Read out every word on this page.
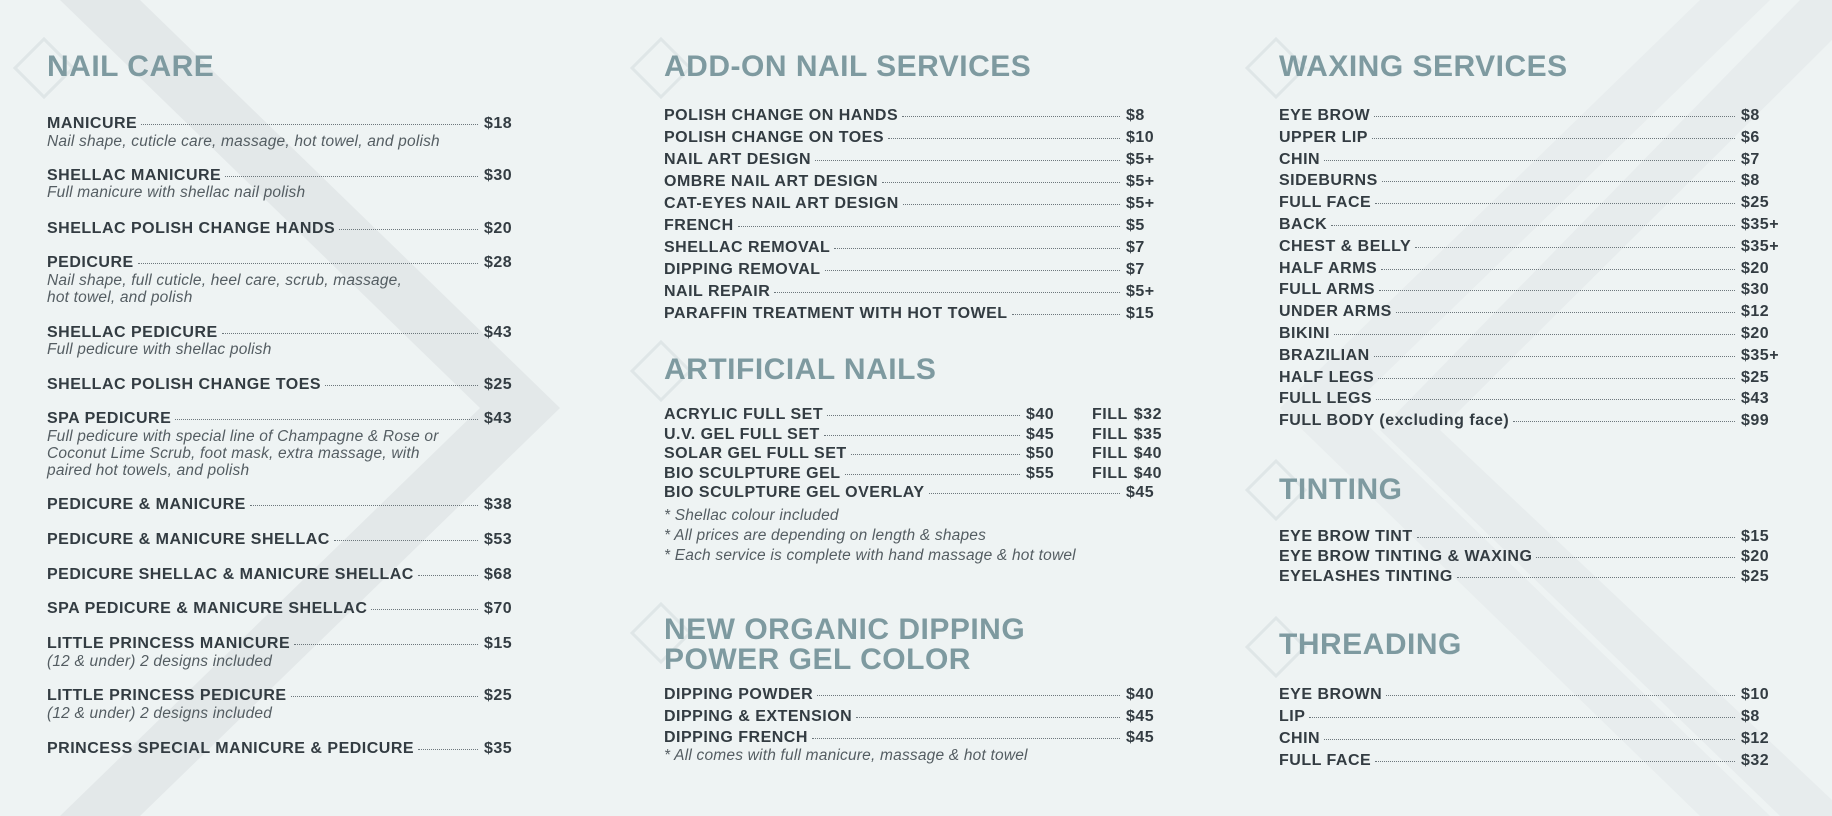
NAIL CARE
MANICURE	$18
Nail shape, cuticle care, massage, hot towel, and polish
SHELLAC MANICURE	$30
Full manicure with shellac nail polish
SHELLAC POLISH CHANGE HANDS	$20
PEDICURE	$28
Nail shape, full cuticle, heel care, scrub, massage,
hot towel, and polish
SHELLAC PEDICURE	$43
Full pedicure with shellac polish
SHELLAC POLISH CHANGE TOES	$25
SPA PEDICURE	$43
Full pedicure with special line of Champagne & Rose or
Coconut Lime Scrub, foot mask, extra massage, with
paired hot towels, and polish
PEDICURE & MANICURE	$38
PEDICURE & MANICURE SHELLAC	$53
PEDICURE SHELLAC & MANICURE SHELLAC	$68
SPA PEDICURE & MANICURE SHELLAC	$70
LITTLE PRINCESS MANICURE	$15
(12 & under) 2 designs included
LITTLE PRINCESS PEDICURE	$25
(12 & under) 2 designs included
PRINCESS SPECIAL MANICURE & PEDICURE	$35
ADD-ON NAIL SERVICES
POLISH CHANGE ON HANDS	$8
POLISH CHANGE ON TOES	$10
NAIL ART DESIGN	$5+
OMBRE NAIL ART DESIGN	$5+
CAT-EYES NAIL ART DESIGN	$5+
FRENCH	$5
SHELLAC REMOVAL	$7
DIPPING REMOVAL	$7
NAIL REPAIR	$5+
PARAFFIN TREATMENT WITH HOT TOWEL	$15
ARTIFICIAL NAILS
ACRYLIC FULL SET	$40	FILL $32
U.V. GEL FULL SET	$45	FILL $35
SOLAR GEL FULL SET	$50	FILL $40
BIO SCULPTURE GEL	$55	FILL $40
BIO SCULPTURE GEL OVERLAY	$45
* Shellac colour included
* All prices are depending on length & shapes
* Each service is complete with hand massage & hot towel
NEW ORGANIC DIPPING
POWER GEL COLOR
DIPPING POWDER	$40
DIPPING & EXTENSION	$45
DIPPING FRENCH	$45
* All comes with full manicure, massage & hot towel
WAXING SERVICES
EYE BROW	$8
UPPER LIP	$6
CHIN	$7
SIDEBURNS	$8
FULL FACE	$25
BACK	$35+
CHEST & BELLY	$35+
HALF ARMS	$20
FULL ARMS	$30
UNDER ARMS	$12
BIKINI	$20
BRAZILIAN	$35+
HALF LEGS	$25
FULL LEGS	$43
FULL BODY (excluding face)	$99
TINTING
EYE BROW TINT	$15
EYE BROW TINTING & WAXING	$20
EYELASHES TINTING	$25
THREADING
EYE BROWN	$10
LIP	$8
CHIN	$12
FULL FACE	$32
